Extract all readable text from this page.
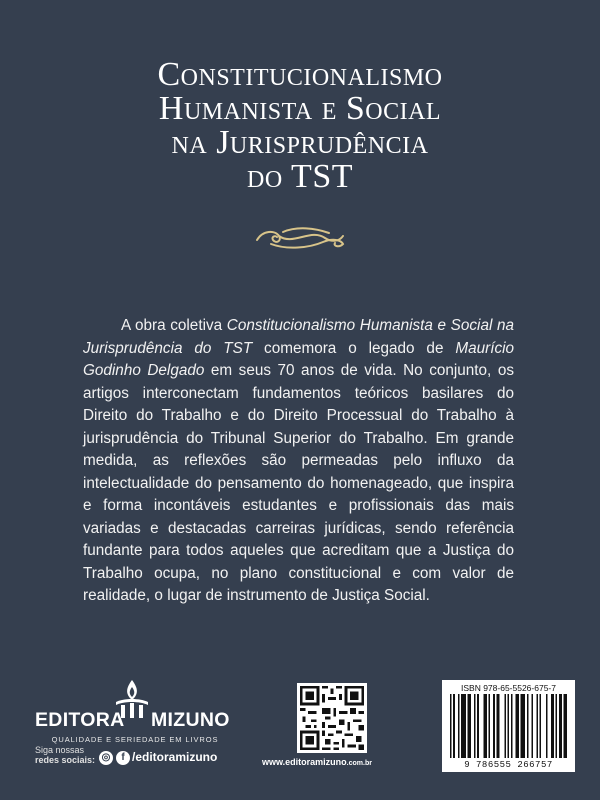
Constitucionalismo
Humanista e Social
na Jurisprudência
do TST

A obra coletiva Constitucionalismo Humanista e Social na Jurisprudência do TST comemora o legado de Maurício Godinho Delgado em seus 70 anos de vida. No conjunto, os artigos interconectam fundamentos teóricos basilares do Direito do Trabalho e do Direito Processual do Trabalho à jurisprudência do Tribunal Superior do Trabalho. Em grande medida, as reflexões são permeadas pelo influxo da intelectualidade do pensamento do homenageado, que inspira e forma incontáveis estudantes e profissionais das mais variadas e destacadas carreiras jurídicas, sendo referência fundante para todos aqueles que acreditam que a Justiça do Trabalho ocupa, no plano constitucional e com valor de realidade, o lugar de instrumento de Justiça Social.

EDITORA MIZUNO
QUALIDADE E SERIEDADE EM LIVROS
Siga nossas
redes sociais: ◎	f /editoramizuno	www.editoramizuno.com.br
ISBN 978-65-5526-675-7
9 786555 266757
